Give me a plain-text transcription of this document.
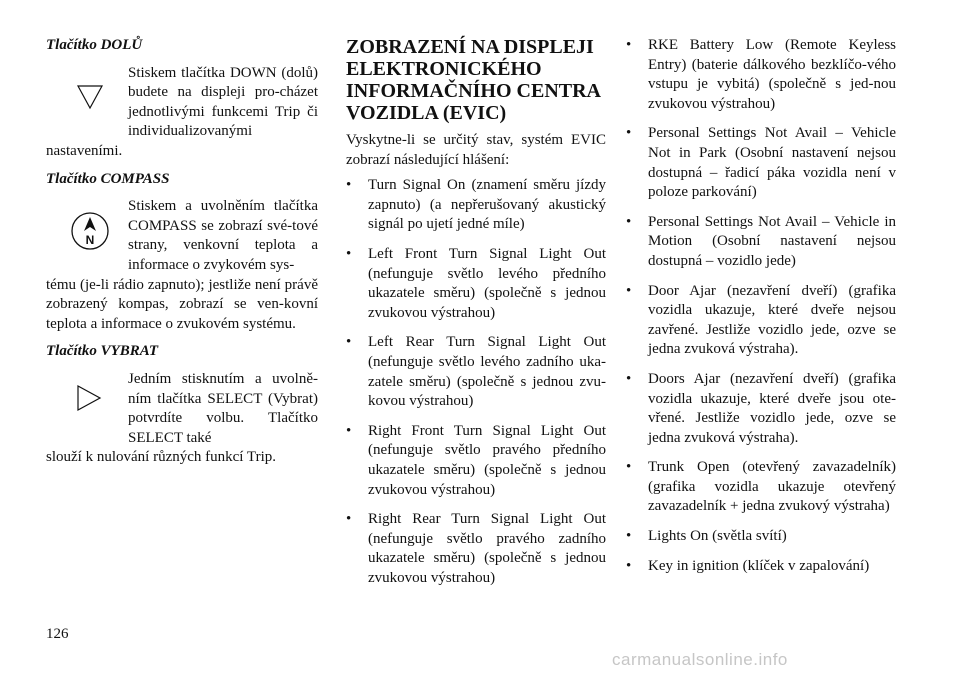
Tlačítko DOLŮ
Stiskem tlačítka DOWN (dolů) budete na displeji pro-cházet jednotlivými funkcemi Trip či individualizovanými
nastaveními.
Tlačítko COMPASS
N
Stiskem a uvolněním tlačítka COMPASS se zobrazí své-tové strany, venkovní teplota a informace o zvykovém sys-
tému (je-li rádio zapnuto); jestliže není právě zobrazený kompas, zobrazí se ven-kovní teplota a informace o zvukovém systému.
Tlačítko VYBRAT
Jedním stisknutím a uvolně-ním tlačítka SELECT (Vybrat) potvrdíte volbu. Tlačítko SELECT také
slouží k nulování různých funkcí Trip.
ZOBRAZENÍ NA DISPLEJI ELEKTRONICKÉHO INFORMAČNÍHO CENTRA VOZIDLA (EVIC)
Vyskytne-li se určitý stav, systém EVIC zobrazí následující hlášení:
• Turn Signal On (znamení směru jízdy zapnuto) (a nepřerušovaný akustický signál po ujetí jedné míle)
• Left Front Turn Signal Light Out (nefunguje světlo levého předního ukazatele směru) (společně s jednou zvukovou výstrahou)
• Left Rear Turn Signal Light Out (nefunguje světlo levého zadního uka-zatele směru) (společně s jednou zvu-kovou výstrahou)
• Right Front Turn Signal Light Out (nefunguje světlo pravého předního ukazatele směru) (společně s jednou zvukovou výstrahou)
• Right Rear Turn Signal Light Out (nefunguje světlo pravého zadního ukazatele směru) (společně s jednou zvukovou výstrahou)
• RKE Battery Low (Remote Keyless Entry) (baterie dálkového bezklíčo-vého vstupu je vybitá) (společně s jed-nou zvukovou výstrahou)
• Personal Settings Not Avail – Vehicle Not in Park (Osobní nastavení nejsou dostupná – řadicí páka vozidla není v poloze parkování)
• Personal Settings Not Avail – Vehicle in Motion (Osobní nastavení nejsou dostupná – vozidlo jede)
• Door Ajar (nezavření dveří) (grafika vozidla ukazuje, které dveře nejsou zavřené. Jestliže vozidlo jede, ozve se jedna zvuková výstraha).
• Doors Ajar (nezavření dveří) (grafika vozidla ukazuje, které dveře jsou ote-vřené. Jestliže vozidlo jede, ozve se jedna zvuková výstraha).
• Trunk Open (otevřený zavazadelník) (grafika vozidla ukazuje otevřený zavazadelník + jedna zvukový výstraha)
• Lights On (světla svítí)
• Key in ignition (klíček v zapalování)
126
carmanualsonline.info
